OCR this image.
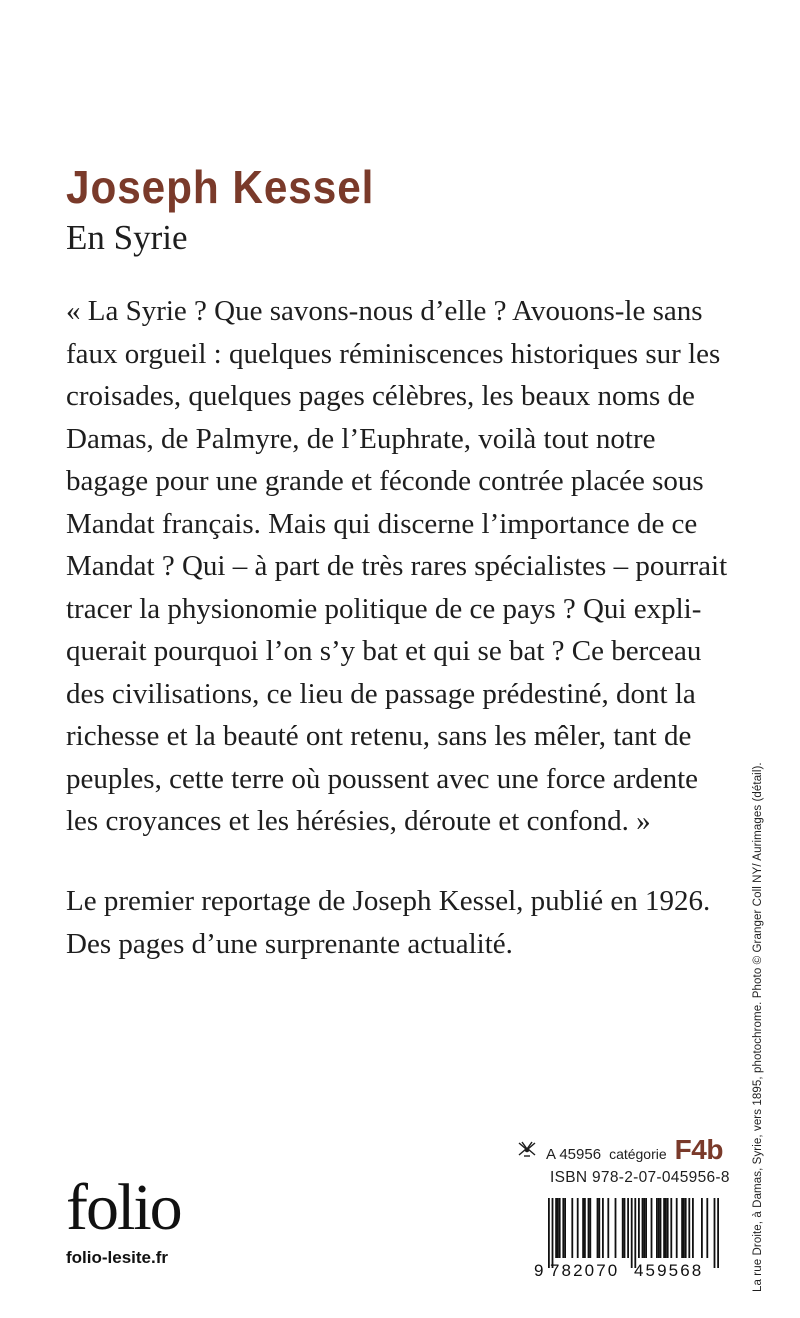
Joseph Kessel
En Syrie
« La Syrie ? Que savons-nous d’elle ? Avouons-le sans
faux orgueil : quelques réminiscences historiques sur les
croisades, quelques pages célèbres, les beaux noms de
Damas, de Palmyre, de l’Euphrate, voilà tout notre
bagage pour une grande et féconde contrée placée sous
Mandat français. Mais qui discerne l’importance de ce
Mandat ? Qui – à part de très rares spécialistes – pourrait
tracer la physionomie politique de ce pays ? Qui expli-
querait pourquoi l’on s’y bat et qui se bat ? Ce berceau
des civilisations, ce lieu de passage prédestiné, dont la
richesse et la beauté ont retenu, sans les mêler, tant de
peuples, cette terre où poussent avec une force ardente
les croyances et les hérésies, déroute et confond. »
Le premier reportage de Joseph Kessel, publié en 1926.
Des pages d’une surprenante actualité.	La rue Droite, à Damas, Syrie, vers 1895, photochrome. Photo © Granger Coll NY/ Aurimages (détail).
folio
folio-lesite.fr
A 45956 catégorie F4b
ISBN 978-2-07-045956-8
9 782070 459568
